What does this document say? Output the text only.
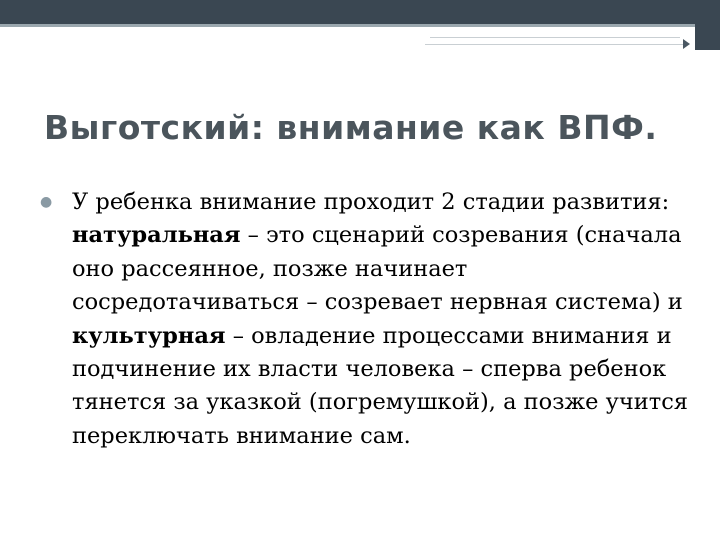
Выготский: внимание как ВПФ.
● У ребенка внимание проходит 2 стадии развития: натуральная – это сценарий созревания (сначала оно рассеянное, позже начинает сосредотачиваться – созревает нервная система) и культурная – овладение процессами внимания и подчинение их власти человека – сперва ребенок тянется за указкой (погремушкой), а позже учится переключать внимание сам.
